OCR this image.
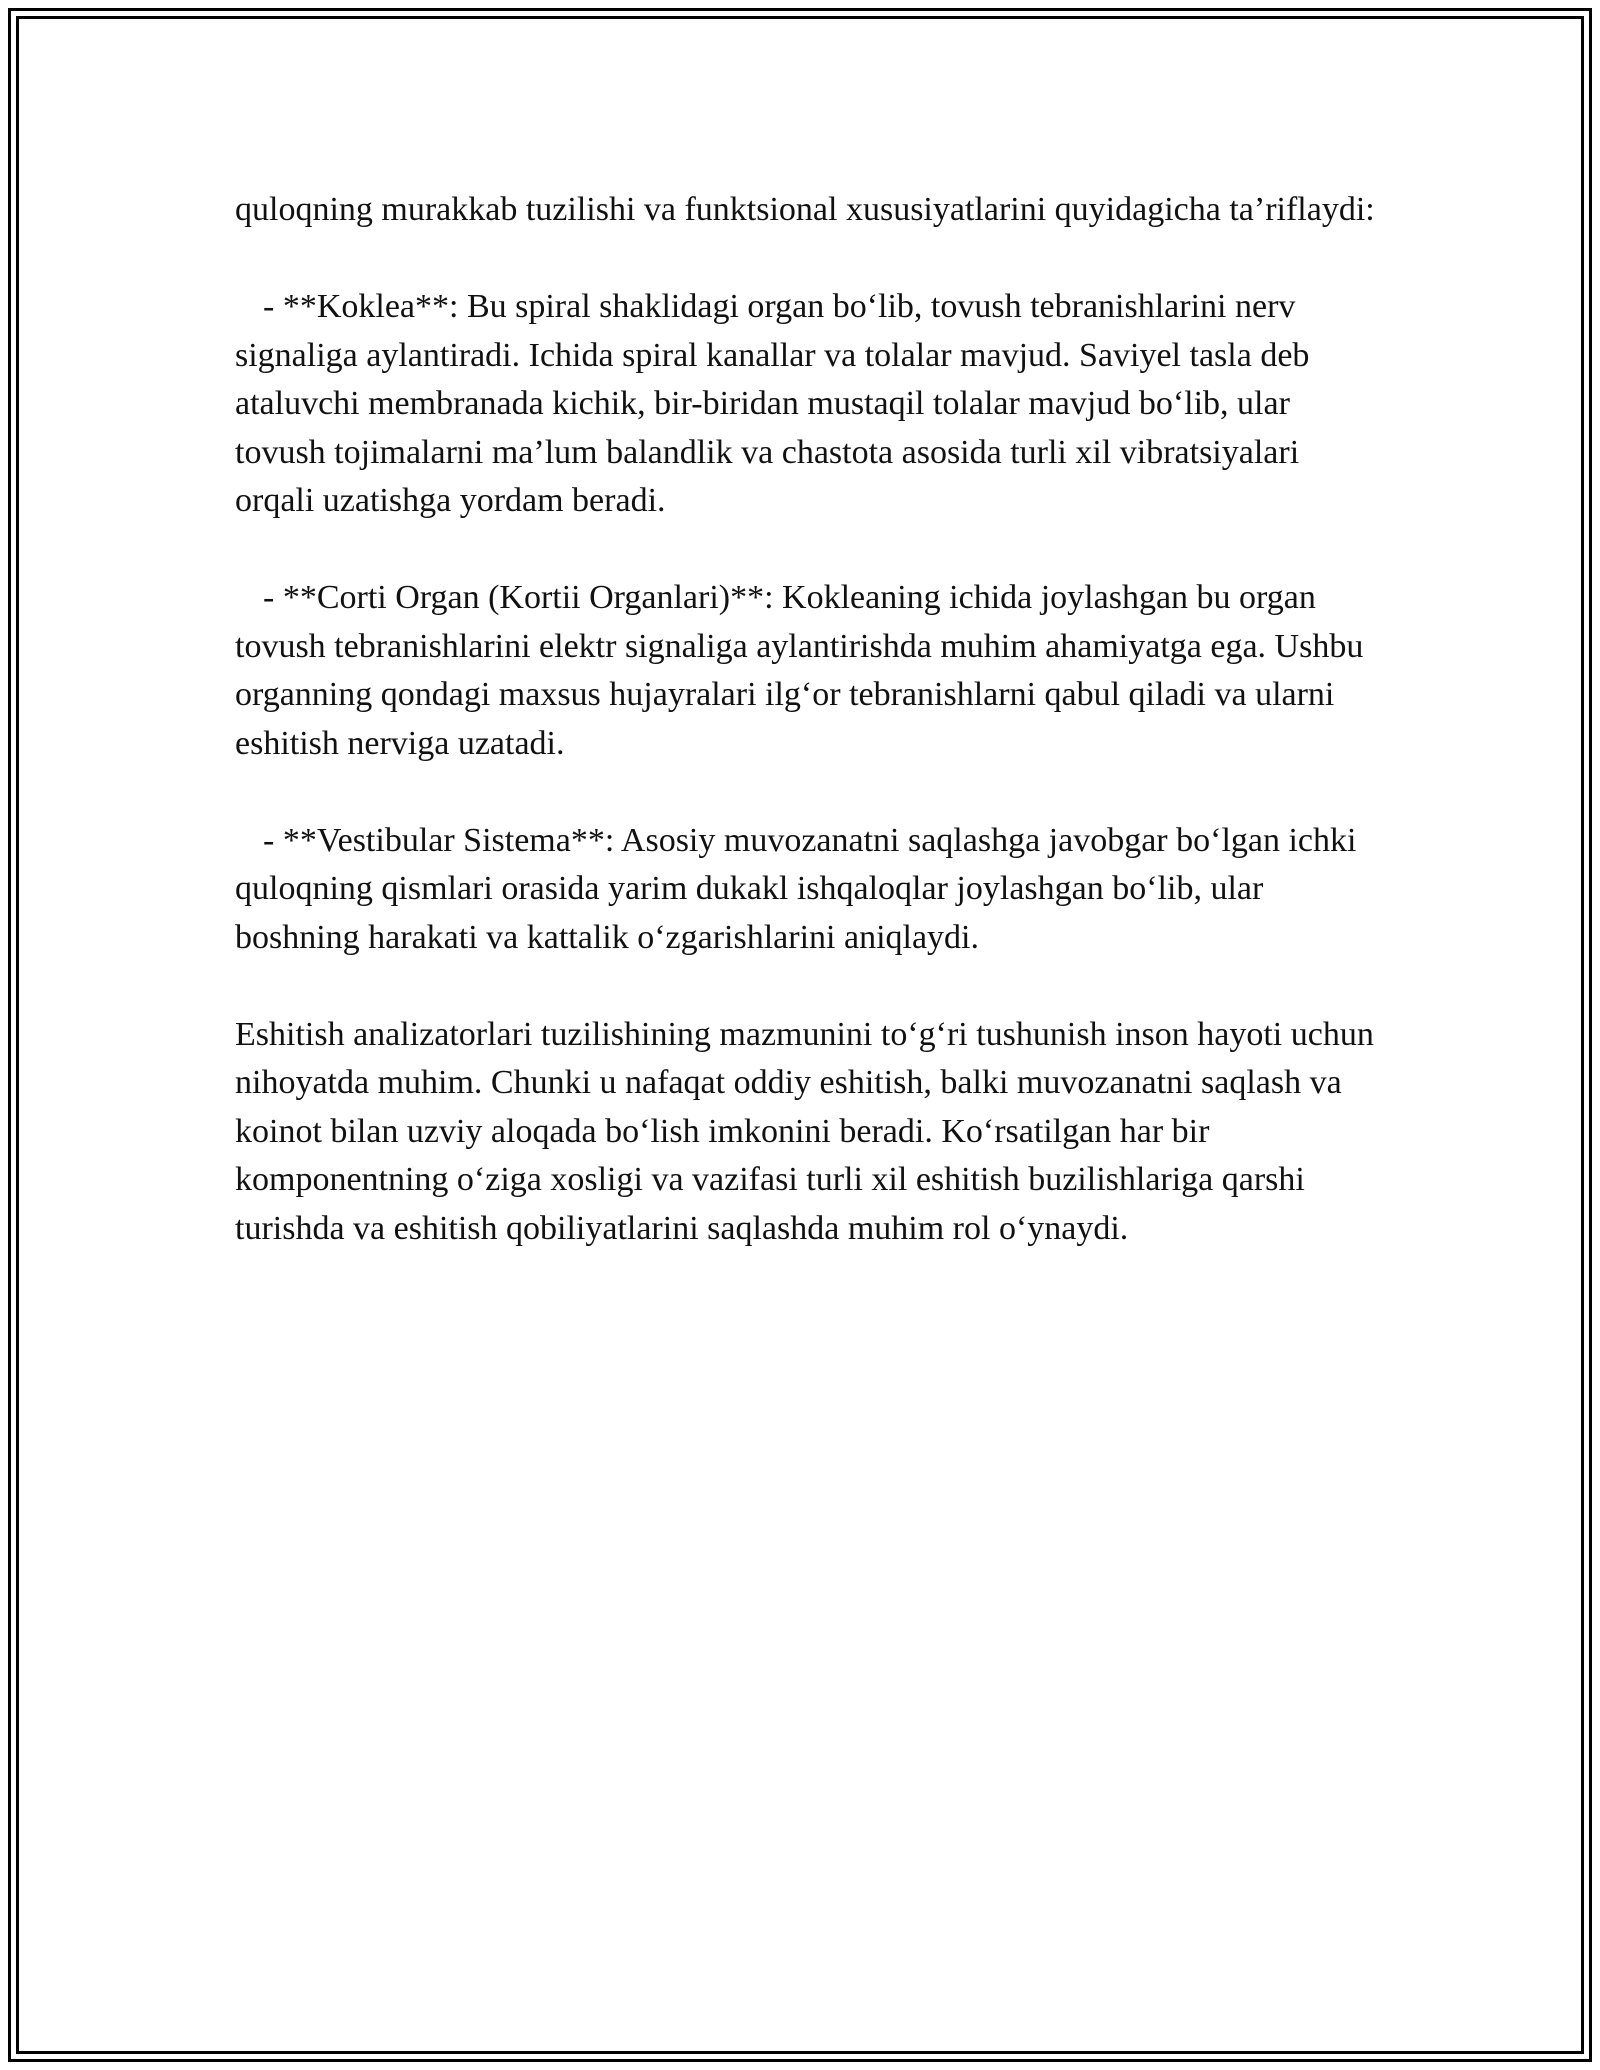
quloqning murakkab tuzilishi va funktsional xususiyatlarini quyidagicha ta’riflaydi:

- **Koklea**: Bu spiral shaklidagi organ bo‘lib, tovush tebranishlarini nerv signaliga aylantiradi. Ichida spiral kanallar va tolalar mavjud. Saviyel tasla deb ataluvchi membranada kichik, bir-biridan mustaqil tolalar mavjud bo‘lib, ular tovush tojimalarni ma’lum balandlik va chastota asosida turli xil vibratsiyalari orqali uzatishga yordam beradi.

- **Corti Organ (Kortii Organlari)**: Kokleaning ichida joylashgan bu organ tovush tebranishlarini elektr signaliga aylantirishda muhim ahamiyatga ega. Ushbu organning qondagi maxsus hujayralari ilg‘or tebranishlarni qabul qiladi va ularni eshitish nerviga uzatadi.

- **Vestibular Sistema**: Asosiy muvozanatni saqlashga javobgar bo‘lgan ichki quloqning qismlari orasida yarim dukakl ishqaloqlar joylashgan bo‘lib, ular boshning harakati va kattalik o‘zgarishlarini aniqlaydi.

Eshitish analizatorlari tuzilishining mazmunini to‘g‘ri tushunish inson hayoti uchun nihoyatda muhim. Chunki u nafaqat oddiy eshitish, balki muvozanatni saqlash va koinot bilan uzviy aloqada bo‘lish imkonini beradi. Ko‘rsatilgan har bir komponentning o‘ziga xosligi va vazifasi turli xil eshitish buzilishlariga qarshi turishda va eshitish qobiliyatlarini saqlashda muhim rol o‘ynaydi.
